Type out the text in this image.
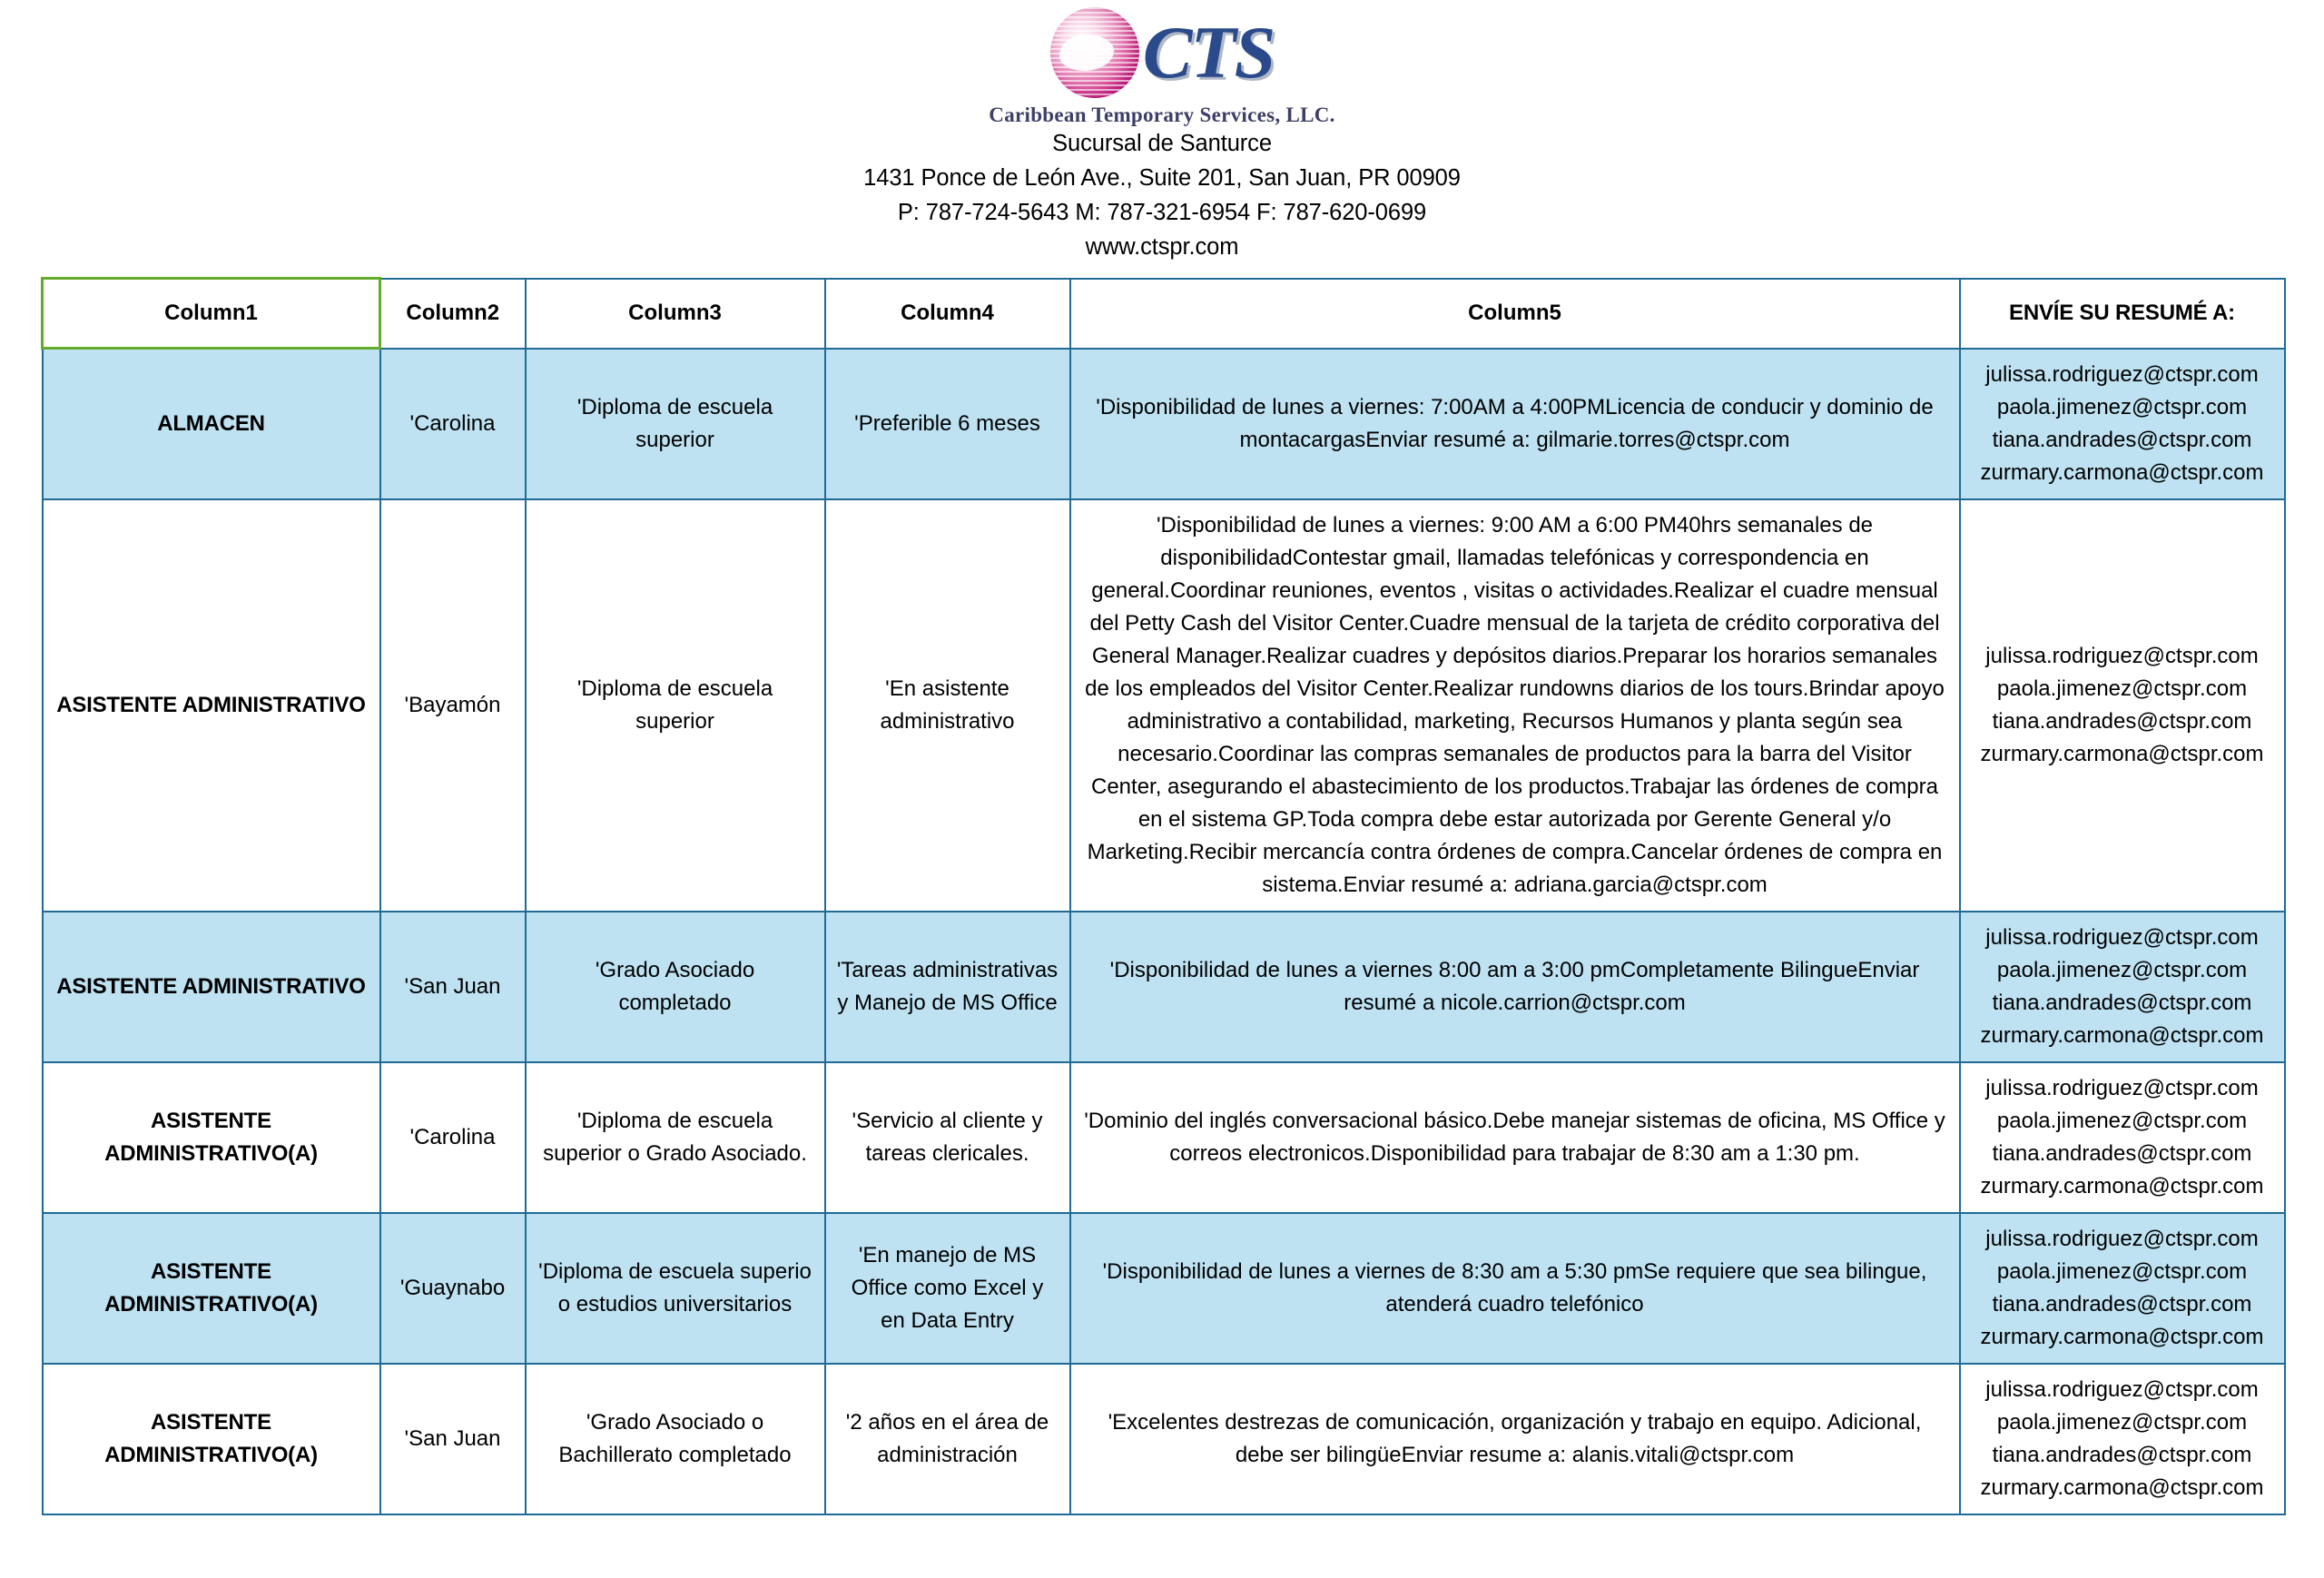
CTS
Caribbean Temporary Services, LLC.
Sucursal de Santurce
1431 Ponce de León Ave., Suite 201, San Juan, PR 00909
P: 787-724-5643 M: 787-321-6954 F: 787-620-0699
www.ctspr.com
Column1	Column2	Column3	Column4	Column5	ENVÍE SU RESUMÉ A:
ALMACEN	'Carolina	'Diploma de escuela superior	'Preferible 6 meses	'Disponibilidad de lunes a viernes: 7:00AM a 4:00PMLicencia de conducir y dominio de montacargasEnviar resumé a: gilmarie.torres@ctspr.com	julissa.rodriguez@ctspr.com
paola.jimenez@ctspr.com
tiana.andrades@ctspr.com
zurmary.carmona@ctspr.com

ASISTENTE ADMINISTRATIVO	'Bayamón	'Diploma de escuela superior	'En asistente administrativo	'Disponibilidad de lunes a viernes: 9:00 AM a 6:00 PM40hrs semanales de disponibilidadContestar gmail, llamadas telefónicas y correspondencia en general.Coordinar reuniones, eventos , visitas o actividades.Realizar el cuadre mensual del Petty Cash del Visitor Center.Cuadre mensual de la tarjeta de crédito corporativa del General Manager.Realizar cuadres y depósitos diarios.Preparar los horarios semanales de los empleados del Visitor Center.Realizar rundowns diarios de los tours.Brindar apoyo administrativo a contabilidad, marketing, Recursos Humanos y planta según sea necesario.Coordinar las compras semanales de productos para la barra del Visitor Center, asegurando el abastecimiento de los productos.Trabajar las órdenes de compra en el sistema GP.Toda compra debe estar autorizada por Gerente General y/o Marketing.Recibir mercancía contra órdenes de compra.Cancelar órdenes de compra en sistema.Enviar resumé a: adriana.garcia@ctspr.com	
julissa.rodriguez@ctspr.com
paola.jimenez@ctspr.com
tiana.andrades@ctspr.com
zurmary.carmona@ctspr.com

ASISTENTE ADMINISTRATIVO	'San Juan	'Grado Asociado completado	'Tareas administrativas y Manejo de MS Office	'Disponibilidad de lunes a viernes 8:00 am a 3:00 pmCompletamente BilingueEnviar resumé a nicole.carrion@ctspr.com	julissa.rodriguez@ctspr.com
paola.jimenez@ctspr.com
tiana.andrades@ctspr.com
zurmary.carmona@ctspr.com

ASISTENTE ADMINISTRATIVO(A)	'Carolina	'Diploma de escuela superior o Grado Asociado.	'Servicio al cliente y tareas clericales.	'Dominio del inglés conversacional básico.Debe manejar sistemas de oficina, MS Office y correos electronicos.Disponibilidad para trabajar de 8:30 am a 1:30 pm.	julissa.rodriguez@ctspr.com
paola.jimenez@ctspr.com
tiana.andrades@ctspr.com
zurmary.carmona@ctspr.com

ASISTENTE ADMINISTRATIVO(A)	'Guaynabo	'Diploma de escuela superio o estudios universitarios	'En manejo de MS Office como Excel y en Data Entry	'Disponibilidad de lunes a viernes de 8:30 am a 5:30 pmSe requiere que sea bilingue, atenderá cuadro telefónico	julissa.rodriguez@ctspr.com
paola.jimenez@ctspr.com
tiana.andrades@ctspr.com
zurmary.carmona@ctspr.com

ASISTENTE ADMINISTRATIVO(A)	'San Juan	'Grado Asociado o Bachillerato completado	'2 años en el área de administración	'Excelentes destrezas de comunicación, organización y trabajo en equipo. Adicional, debe ser bilingüeEnviar resume a: alanis.vitali@ctspr.com	julissa.rodriguez@ctspr.com
paola.jimenez@ctspr.com
tiana.andrades@ctspr.com
zurmary.carmona@ctspr.com
